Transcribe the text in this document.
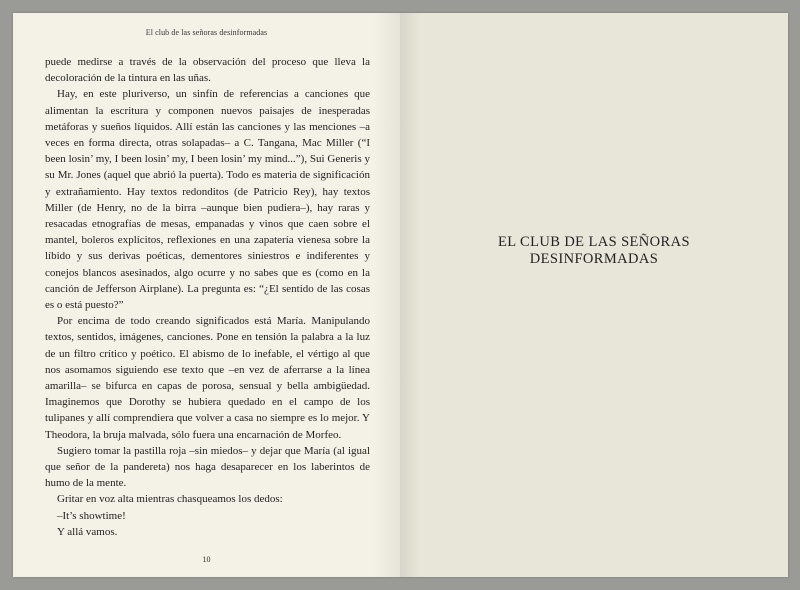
El club de las señoras desinformadas

puede medirse a través de la observación del proceso que lleva la decoloración de la tintura en las uñas.

Hay, en este pluriverso, un sinfín de referencias a canciones que alimentan la escritura y componen nuevos paisajes de inesperadas metáforas y sueños líquidos. Allí están las canciones y las menciones –a veces en forma directa, otras solapadas– a C. Tangana, Mac Miller (“I been losin’ my, I been losin’ my, I been losin’ my mind...”), Sui Generis y su Mr. Jones (aquel que abrió la puerta). Todo es materia de significación y extrañamiento. Hay textos redonditos (de Patricio Rey), hay textos Miller (de Henry, no de la birra –aunque bien pudiera–), hay raras y resacadas etnografías de mesas, empanadas y vinos que caen sobre el mantel, boleros explícitos, reflexiones en una zapatería vienesa sobre la líbido y sus derivas poéticas, dementores siniestros e indiferentes y conejos blancos asesinados, algo ocurre y no sabes que es (como en la canción de Jefferson Airplane). La pregunta es: “¿El sentido de las cosas es o está puesto?”

Por encima de todo creando significados está María. Manipulando textos, sentidos, imágenes, canciones. Pone en tensión la palabra a la luz de un filtro crítico y poético. El abismo de lo inefable, el vértigo al que nos asomamos siguiendo ese texto que –en vez de aferrarse a la línea amarilla– se bifurca en capas de porosa, sensual y bella ambigüedad. Imaginemos que Dorothy se hubiera quedado en el campo de los tulipanes y allí comprendiera que volver a casa no siempre es lo mejor. Y Theodora, la bruja malvada, sólo fuera una encarnación de Morfeo.

Sugiero tomar la pastilla roja –sin miedos– y dejar que María (al igual que señor de la pandereta) nos haga desaparecer en los laberintos de humo de la mente.

Gritar en voz alta mientras chasqueamos los dedos:

–It’s showtime!

Y allá vamos.

10
EL CLUB DE LAS SEÑORAS
DESINFORMADAS
